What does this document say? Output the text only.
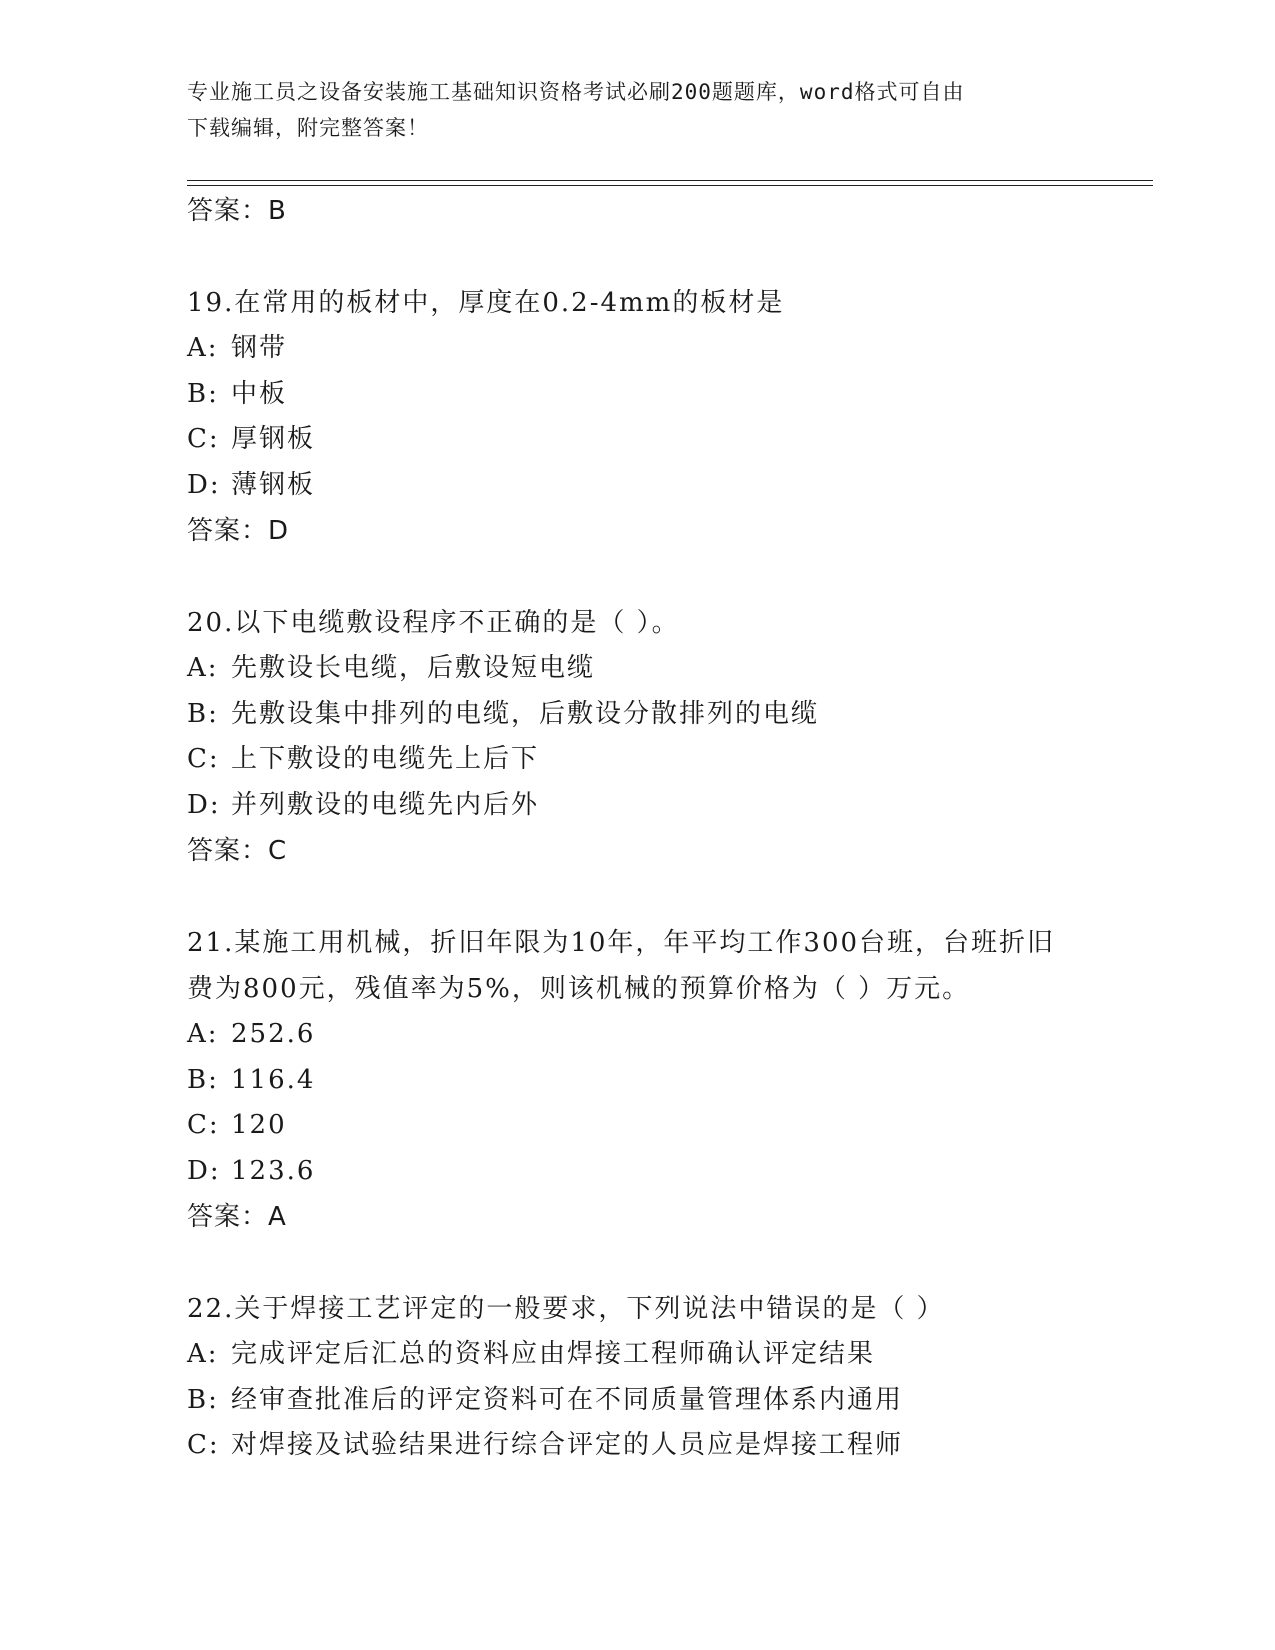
专业施工员之设备安装施工基础知识资格考试必刷200题题库，word格式可自由
下载编辑，附完整答案！
答案：B
19.在常用的板材中，厚度在0.2-4mm的板材是
A: 钢带
B: 中板
C: 厚钢板
D: 薄钢板
答案：D
20.以下电缆敷设程序不正确的是（ ）。
A: 先敷设长电缆，后敷设短电缆
B: 先敷设集中排列的电缆，后敷设分散排列的电缆
C: 上下敷设的电缆先上后下
D: 并列敷设的电缆先内后外
答案：C
21.某施工用机械，折旧年限为10年，年平均工作300台班，台班折旧费为800元，残值率为5%，则该机械的预算价格为（ ）万元。
A: 252.6
B: 116.4
C: 120
D: 123.6
答案：A
22.关于焊接工艺评定的一般要求，下列说法中错误的是（ ）
A: 完成评定后汇总的资料应由焊接工程师确认评定结果
B: 经审查批准后的评定资料可在不同质量管理体系内通用
C: 对焊接及试验结果进行综合评定的人员应是焊接工程师
